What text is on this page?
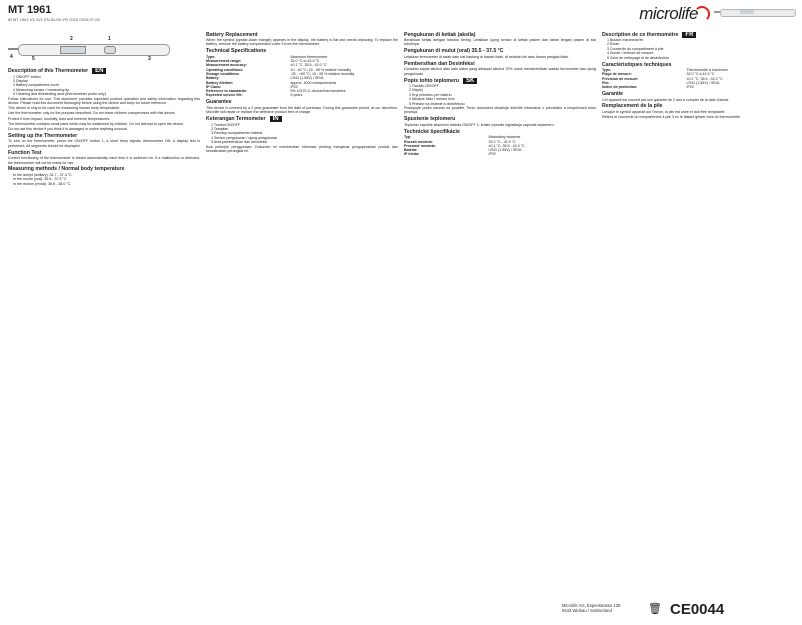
MT 1961
IB MT 1961 V3 4V1 EN-IN-SK-FR 2020 OEM 07-08	microlife
1
2
3
4	5
Description of this Thermometer EN
1 ON/OFF button
2 Display
3 Battery compartment cover
4 Measuring sensor / measuring tip
5 Cleaning and disinfecting area (thermometer probe only)

Follow instructions for use. This document provides important product operation and safety information regarding this device. Please read this document thoroughly before using the device and keep for future reference.

This device is only to be used for measuring human body temperature.

Use the thermometer only for the purpose described. Do not leave children unsupervised with this device.

Protect it from impact, humidity, dust and extreme temperatures.

The thermometer contains small parts which may be swallowed by children. Do not attempt to open the device.

Do not use this device if you think it is damaged or notice anything unusual.

Setting up the Thermometer

To turn on the thermometer, press the ON/OFF button 1; a short beep signals thermometer ON. A display test is performed. All segments should be displayed.

Function Test

Correct functioning of the thermometer is tested automatically each time it is switched on. If a malfunction is detected, the thermometer will not be ready for use.

Measuring methods / Normal body temperature
• In the armpit (axillary): 34.7 - 37.3 °C
• In the mouth (oral): 35.5 - 37.5 °C
• In the rectum (rectal): 36.6 - 38.0 °C
Battery Replacement

When the symbol (upside-down triangle) appears in the display, the battery is flat and needs replacing. To replace the battery, remove the battery compartment cover 3 from the thermometer.

Technical Specifications
Type:	Maximum thermometer
Measurement range:	32.0 °C to 42.9 °C
Measurement accuracy:	±0.1 °C, 35.5 - 42.0 °C
Operating conditions:	10 - 40 °C; 15 - 95 % relative humidity
Storage conditions:	-25 - +60 °C; 15 - 95 % relative humidity
Battery:	LR41 (1.55V) / SR41
Battery lifetime:	approx. 4000 measurements
IP Class:	IP22
Reference to standards:	EN 12470-3; clinical thermometers
Expected service life:	5 years
Guarantee

This device is covered by a 2 year guarantee from the date of purchase. During this guarantee period, at our discretion, Microlife will repair or replace the defective product free of charge.

Keterangan Termometer IN
1 Tombol ON/OFF
2 Tampilan
3 Penutup kompartemen baterai
4 Sensor pengukuran / ujung pengukuran
5 Area pembersihan dan desinfeksi

Ikuti petunjuk penggunaan. Dokumen ini memberikan informasi penting mengenai pengoperasian produk dan keselamatan perangkat ini.

Pengukuran di ketiak (aksila)

Bersihkan ketiak dengan handuk kering. Letakkan ujung sensor di ketiak pasien dan tahan lengan pasien di sisi tubuhnya.

Pengukuran di mulut (oral) 35.5 - 37.5 °C

Letakkan termometer di salah satu sisi kantong di bawah lidah, di sebelah kiri atau kanan pangkal lidah.

Pembersihan dan Desinfeksi

Gunakan kapas alkohol atau kain katun yang dibasahi alkohol 70% untuk membersihkan wadah termometer dan ujung pengukuran.

Popis tohto teplomeru SK
1 Tlačidlo ON/OFF
2 Displej
3 Kryt priestoru pre batériu
4 Meracie čidlo / merací hrot
5 Priestor na čistenie a dezinfekciu

Postupujte podľa návodu na použitie. Tento dokument obsahuje dôležité informácie o prevádzke a bezpečnosti tohto prístroja.

Spustenie teplomeru

Teplomer zapnete stlačením tlačidla ON/OFF 1; krátke pípnutie signalizuje zapnutie teplomeru.

Technické špecifikácie
Typ:	Maximálny teplomer
Rozsah merania:	32.0 °C - 42.9 °C
Presnosť merania:	±0.1 °C, 35.5 - 42.0 °C
Batéria:	LR41 (1.55V) / SR41
IP trieda:	IP22
Description de ce thermomètre FR
1 Bouton marche/arrêt
2 Écran
3 Couvercle du compartiment à pile
4 Sonde / embout de mesure
5 Zone de nettoyage et de désinfection
Caractéristiques techniques
Type:	Thermomètre à maximum
Plage de mesure:	32.0 °C à 42.9 °C
Précision de mesure:	±0.1 °C, 35.5 - 42.0 °C
Pile:	LR41 (1.55V) / SR41
Indice de protection:	IP22
Garantie

Cet appareil est couvert par une garantie de 2 ans à compter de la date d'achat.

Remplacement de la pile

Lorsque le symbol apparaît sur l'écran, la pile est usée et doit être remplacée.

Retirez le couvercle du compartiment à pile 3 en le faisant glisser hors du thermomètre.

Microlife AG, Espenstrasse 139
9443 Widnau / Switzerland	🗑 CE0044
